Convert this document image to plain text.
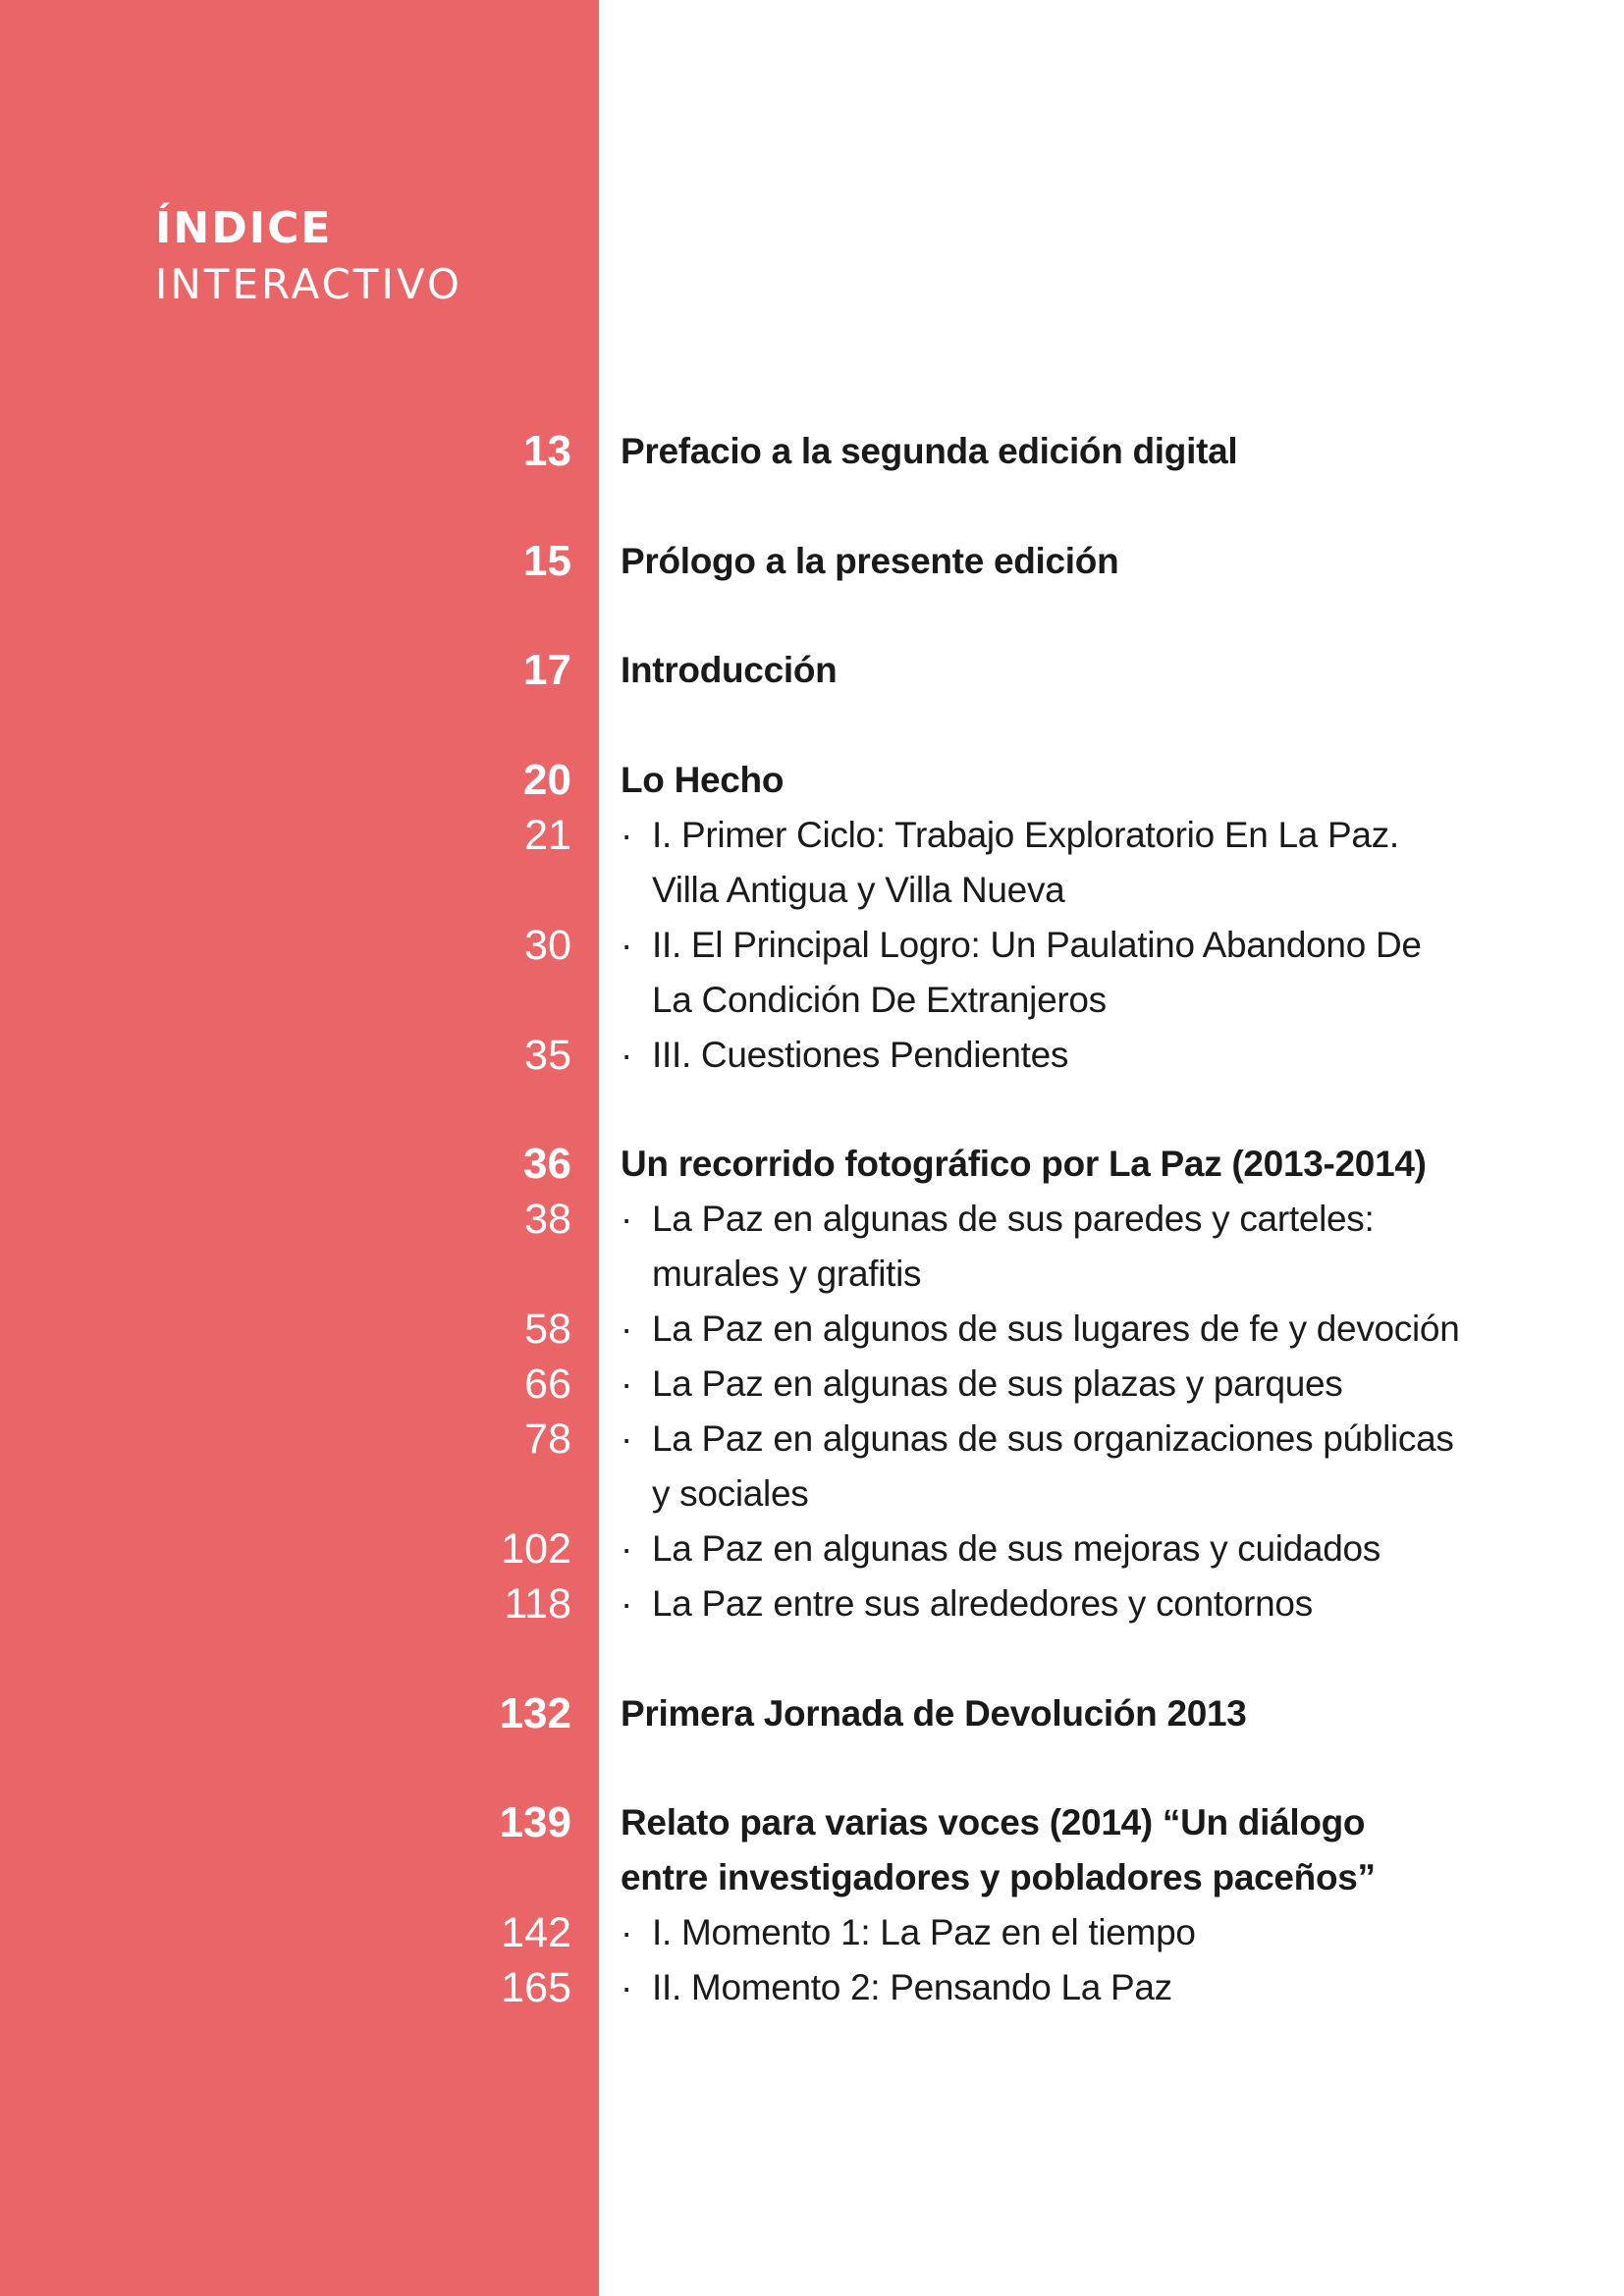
ÍNDICE
INTERACTIVO
13 Prefacio a la segunda edición digital
15 Prólogo a la presente edición
17 Introducción
20 Lo Hecho
21 · I. Primer Ciclo: Trabajo Exploratorio En La Paz.
Villa Antigua y Villa Nueva
30 · II. El Principal Logro: Un Paulatino Abandono De
La Condición De Extranjeros
35 · III. Cuestiones Pendientes
36 Un recorrido fotográfico por La Paz (2013-2014)
38 · La Paz en algunas de sus paredes y carteles:
murales y grafitis
58 · La Paz en algunos de sus lugares de fe y devoción
66 · La Paz en algunas de sus plazas y parques
78 · La Paz en algunas de sus organizaciones públicas
y sociales
102 · La Paz en algunas de sus mejoras y cuidados
118 · La Paz entre sus alrededores y contornos
132 Primera Jornada de Devolución 2013
139 Relato para varias voces (2014) “Un diálogo entre investigadores y pobladores paceños”
142 · I. Momento 1: La Paz en el tiempo
165 · II. Momento 2: Pensando La Paz
